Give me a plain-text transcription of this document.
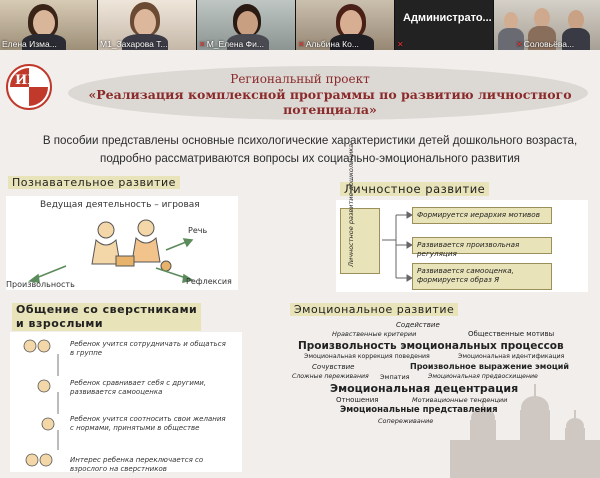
Елена Изма...	М1_Захарова Т...	✕М_Елена Фи...	✕Альбина Ко...
Администрато...
✕	✕Соловьёва...
ИР	Региональный проект
«Реализация комплексной программы по развитию личностного потенциала»
В пособии представлены основные психологические характеристики детей дошкольного возраста, подробно рассматриваются вопросы их социально-эмоционального развития
Познавательное развитие
Ведущая деятельность – игровая
Речь
Произвольность	Рефлексия
Личностное развитие
Личностное развитие дошкольника	Формируется иерархия мотивов
Развивается произвольная регуляция
Развивается самооценка, формируется образ Я
Общение со сверстниками
и взрослыми
Ребенок учится сотрудничать и общаться в группе
Ребенок сравнивает себя с другими, развивается самооценка
Ребенок учится соотносить свои желания с нормами, принятыми в обществе
Интерес ребенка переключается со взрослого на сверстников
Эмоциональное развитие
Содействие
Нравственные критерии	Общественные мотивы
Произвольность эмоциональных процессов
Эмоциональная коррекция поведения	Эмоциональная идентификация
Сочувствие	Произвольное выражение эмоций
Сложные переживания Эмпатия	Эмоциональная предвосхищение
Эмоциональная децентрация
Отношения	Мотивационные тенденции
Эмоциональные представления
Сопереживание
